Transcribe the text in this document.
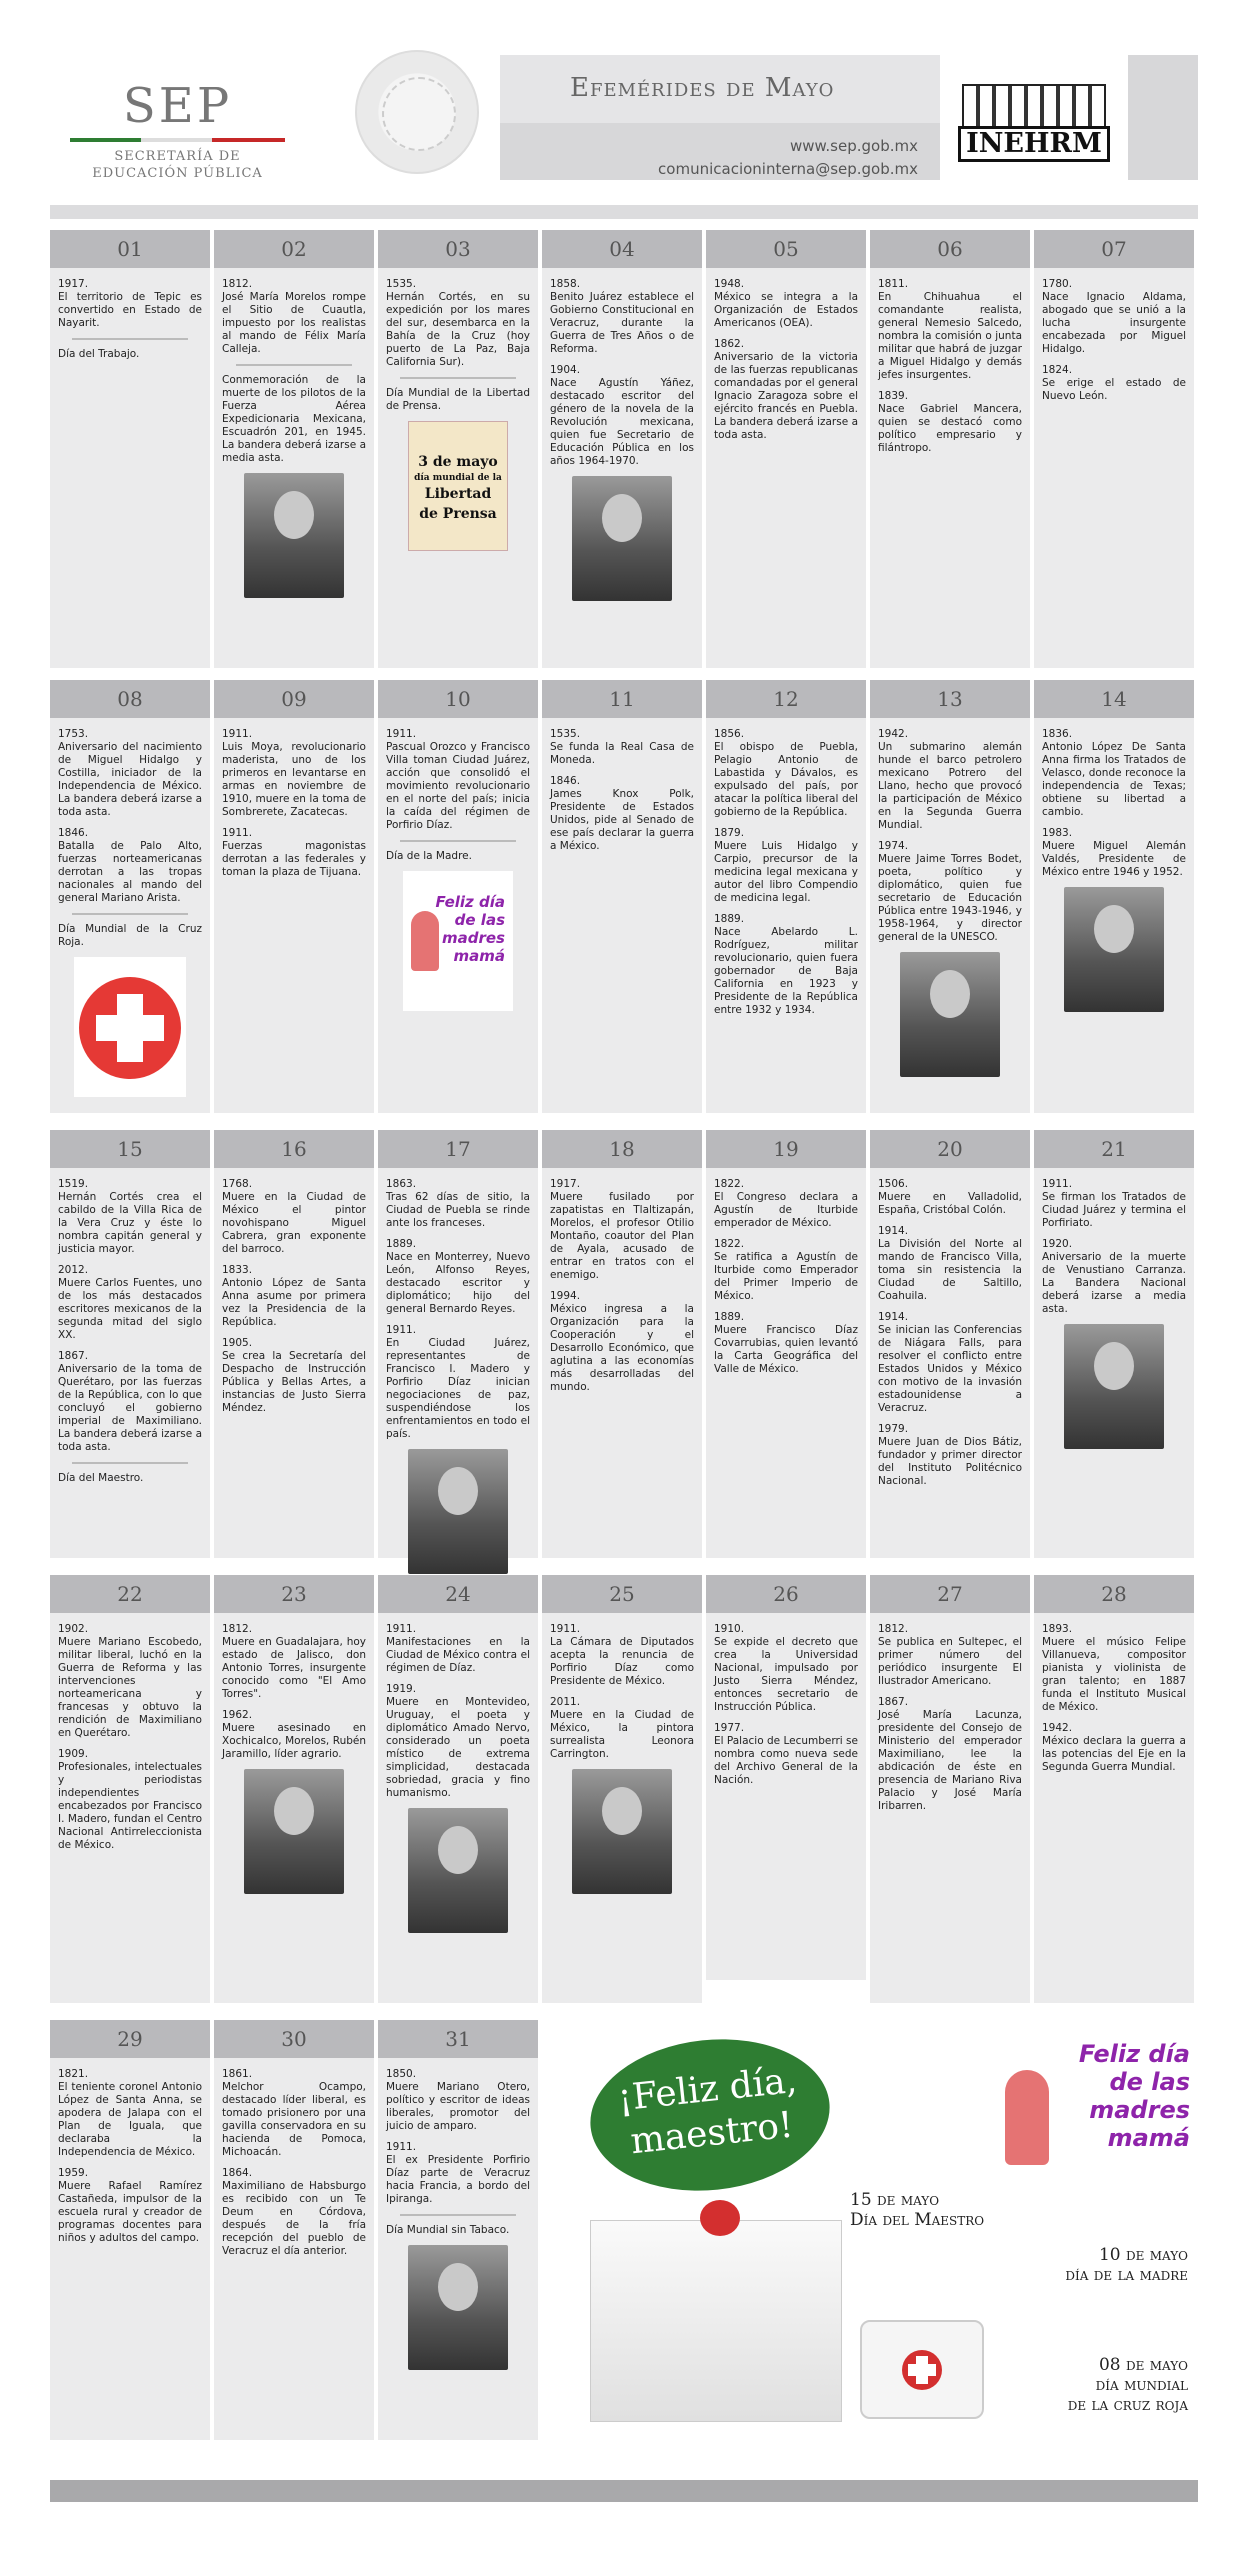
SEP
SECRETARÍA DE
EDUCACIÓN PÚBLICA
Efemérides de Mayo
www.sep.gob.mx
comunicacioninterna@sep.gob.mx
INEHRM
01

1917.
El territorio de Tepic es convertido en Estado de Nayarit.

Día del Trabajo.

02

1812.
José María Morelos rompe el Sitio de Cuautla, impuesto por los realistas al mando de Félix María Calleja.

Conmemoración de la muerte de los pilotos de la Fuerza Aérea Expedicionaria Mexicana, Escuadrón 201, en 1945. La bandera deberá izarse a media asta.

03

1535.
Hernán Cortés, en su expedición por los mares del sur, desembarca en la Bahía de la Cruz (hoy puerto de La Paz, Baja California Sur).

Día Mundial de la Libertad de Prensa.

3 de mayo
día mundial de la
Libertad
de Prensa
04

1858.
Benito Juárez establece el Gobierno Constitucional en Veracruz, durante la Guerra de Tres Años o de Reforma.

1904.
Nace Agustín Yáñez, destacado escritor del género de la novela de la Revolución mexicana, quien fue Secretario de Educación Pública en los años 1964-1970.

05

1948.
México se integra a la Organización de Estados Americanos (OEA).

1862.
Aniversario de la victoria de las fuerzas republicanas comandadas por el general Ignacio Zaragoza sobre el ejército francés en Puebla. La bandera deberá izarse a toda asta.

06

1811.
En Chihuahua el comandante realista, general Nemesio Salcedo, nombra la comisión o junta militar que habrá de juzgar a Miguel Hidalgo y demás jefes insurgentes.

1839.
Nace Gabriel Mancera, quien se destacó como político empresario y filántropo.

07

1780.
Nace Ignacio Aldama, abogado que se unió a la lucha insurgente encabezada por Miguel Hidalgo.

1824.
Se erige el estado de Nuevo León.

08

1753.
Aniversario del nacimiento de Miguel Hidalgo y Costilla, iniciador de la Independencia de México. La bandera deberá izarse a toda asta.

1846.
Batalla de Palo Alto, fuerzas norteamericanas derrotan a las tropas nacionales al mando del general Mariano Arista.

Día Mundial de la Cruz Roja.

09

1911.
Luis Moya, revolucionario maderista, uno de los primeros en levantarse en armas en noviembre de 1910, muere en la toma de Sombrerete, Zacatecas.

1911.
Fuerzas magonistas derrotan a las federales y toman la plaza de Tijuana.

10

1911.
Pascual Orozco y Francisco Villa toman Ciudad Juárez, acción que consolidó el movimiento revolucionario en el norte del país; inicia la caída del régimen de Porfirio Díaz.

Día de la Madre.

Feliz día
de las
madres
mamá
11

1535.
Se funda la Real Casa de Moneda.

1846.
James Knox Polk, Presidente de Estados Unidos, pide al Senado de ese país declarar la guerra a México.

12

1856.
El obispo de Puebla, Pelagio Antonio de Labastida y Dávalos, es expulsado del país, por atacar la política liberal del gobierno de la República.

1879.
Muere Luis Hidalgo y Carpio, precursor de la medicina legal mexicana y autor del libro Compendio de medicina legal.

1889.
Nace Abelardo L. Rodríguez, militar revolucionario, quien fuera gobernador de Baja California en 1923 y Presidente de la República entre 1932 y 1934.

13

1942.
Un submarino alemán hunde el barco petrolero mexicano Potrero del Llano, hecho que provocó la participación de México en la Segunda Guerra Mundial.

1974.
Muere Jaime Torres Bodet, poeta, político y diplomático, quien fue secretario de Educación Pública entre 1943-1946, y 1958-1964, y director general de la UNESCO.

14

1836.
Antonio López De Santa Anna firma los Tratados de Velasco, donde reconoce la independencia de Texas; obtiene su libertad a cambio.

1983.
Muere Miguel Alemán Valdés, Presidente de México entre 1946 y 1952.

15

1519.
Hernán Cortés crea el cabildo de la Villa Rica de la Vera Cruz y éste lo nombra capitán general y justicia mayor.

2012.
Muere Carlos Fuentes, uno de los más destacados escritores mexicanos de la segunda mitad del siglo XX.

1867.
Aniversario de la toma de Querétaro, por las fuerzas de la República, con lo que concluyó el gobierno imperial de Maximiliano. La bandera deberá izarse a toda asta.

Día del Maestro.

16

1768.
Muere en la Ciudad de México el pintor novohispano Miguel Cabrera, gran exponente del barroco.

1833.
Antonio López de Santa Anna asume por primera vez la Presidencia de la República.

1905.
Se crea la Secretaría del Despacho de Instrucción Pública y Bellas Artes, a instancias de Justo Sierra Méndez.

17

1863.
Tras 62 días de sitio, la Ciudad de Puebla se rinde ante los franceses.

1889.
Nace en Monterrey, Nuevo León, Alfonso Reyes, destacado escritor y diplomático; hijo del general Bernardo Reyes.

1911.
En Ciudad Juárez, representantes de Francisco I. Madero y Porfirio Díaz inician negociaciones de paz, suspendiéndose los enfrentamientos en todo el país.

18

1917.
Muere fusilado por zapatistas en Tlaltizapán, Morelos, el profesor Otilio Montaño, coautor del Plan de Ayala, acusado de entrar en tratos con el enemigo.

1994.
México ingresa a la Organización para la Cooperación y el Desarrollo Económico, que aglutina a las economías más desarrolladas del mundo.

19

1822.
El Congreso declara a Agustín de Iturbide emperador de México.

1822.
Se ratifica a Agustín de Iturbide como Emperador del Primer Imperio de México.

1889.
Muere Francisco Díaz Covarrubias, quien levantó la Carta Geográfica del Valle de México.

20

1506.
Muere en Valladolid, España, Cristóbal Colón.

1914.
La División del Norte al mando de Francisco Villa, toma sin resistencia la Ciudad de Saltillo, Coahuila.

1914.
Se inician las Conferencias de Niágara Falls, para resolver el conflicto entre Estados Unidos y México con motivo de la invasión estadounidense a Veracruz.

1979.
Muere Juan de Dios Bátiz, fundador y primer director del Instituto Politécnico Nacional.

21

1911.
Se firman los Tratados de Ciudad Juárez y termina el Porfiriato.

1920.
Aniversario de la muerte de Venustiano Carranza. La Bandera Nacional deberá izarse a media asta.

22

1902.
Muere Mariano Escobedo, militar liberal, luchó en la Guerra de Reforma y las intervenciones norteamericana y francesas y obtuvo la rendición de Maximiliano en Querétaro.

1909.
Profesionales, intelectuales y periodistas independientes encabezados por Francisco I. Madero, fundan el Centro Nacional Antirreleccionista de México.

23

1812.
Muere en Guadalajara, hoy estado de Jalisco, don Antonio Torres, insurgente conocido como "El Amo Torres".

1962.
Muere asesinado en Xochicalco, Morelos, Rubén Jaramillo, líder agrario.

24

1911.
Manifestaciones en la Ciudad de México contra el régimen de Díaz.

1919.
Muere en Montevideo, Uruguay, el poeta y diplomático Amado Nervo, considerado un poeta místico de extrema simplicidad, destacada sobriedad, gracia y fino humanismo.

25

1911.
La Cámara de Diputados acepta la renuncia de Porfirio Díaz como Presidente de México.

2011.
Muere en la Ciudad de México, la pintora surrealista Leonora Carrington.

26

1910.
Se expide el decreto que crea la Universidad Nacional, impulsado por Justo Sierra Méndez, entonces secretario de Instrucción Pública.

1977.
El Palacio de Lecumberri se nombra como nueva sede del Archivo General de la Nación.

27

1812.
Se publica en Sultepec, el primer número del periódico insurgente El Ilustrador Americano.

1867.
José María Lacunza, presidente del Consejo de Ministerio del emperador Maximiliano, lee la abdicación de éste en presencia de Mariano Riva Palacio y José María Iribarren.

28

1893.
Muere el músico Felipe Villanueva, compositor pianista y violinista de gran talento; en 1887 funda el Instituto Musical de México.

1942.
México declara la guerra a las potencias del Eje en la Segunda Guerra Mundial.

29

1821.
El teniente coronel Antonio López de Santa Anna, se apodera de Jalapa con el Plan de Iguala, que declaraba la Independencia de México.

1959.
Muere Rafael Ramírez Castañeda, impulsor de la escuela rural y creador de programas docentes para niños y adultos del campo.

30

1861.
Melchor Ocampo, destacado líder liberal, es tomado prisionero por una gavilla conservadora en su hacienda de Pomoca, Michoacán.

1864.
Maximiliano de Habsburgo es recibido con un Te Deum en Córdova, después de la fría recepción del pueblo de Veracruz el día anterior.

31

1850.
Muere Mariano Otero, político y escritor de ideas liberales, promotor del juicio de amparo.

1911.
El ex Presidente Porfirio Díaz parte de Veracruz hacia Francia, a bordo del Ipiranga.

Día Mundial sin Tabaco.

¡Feliz día,
maestro!
15 de mayo
Día del Maestro
Feliz día
de las
madres
mamá
10 de mayo
día de la madre
08 de mayo
día mundial
de la cruz roja
